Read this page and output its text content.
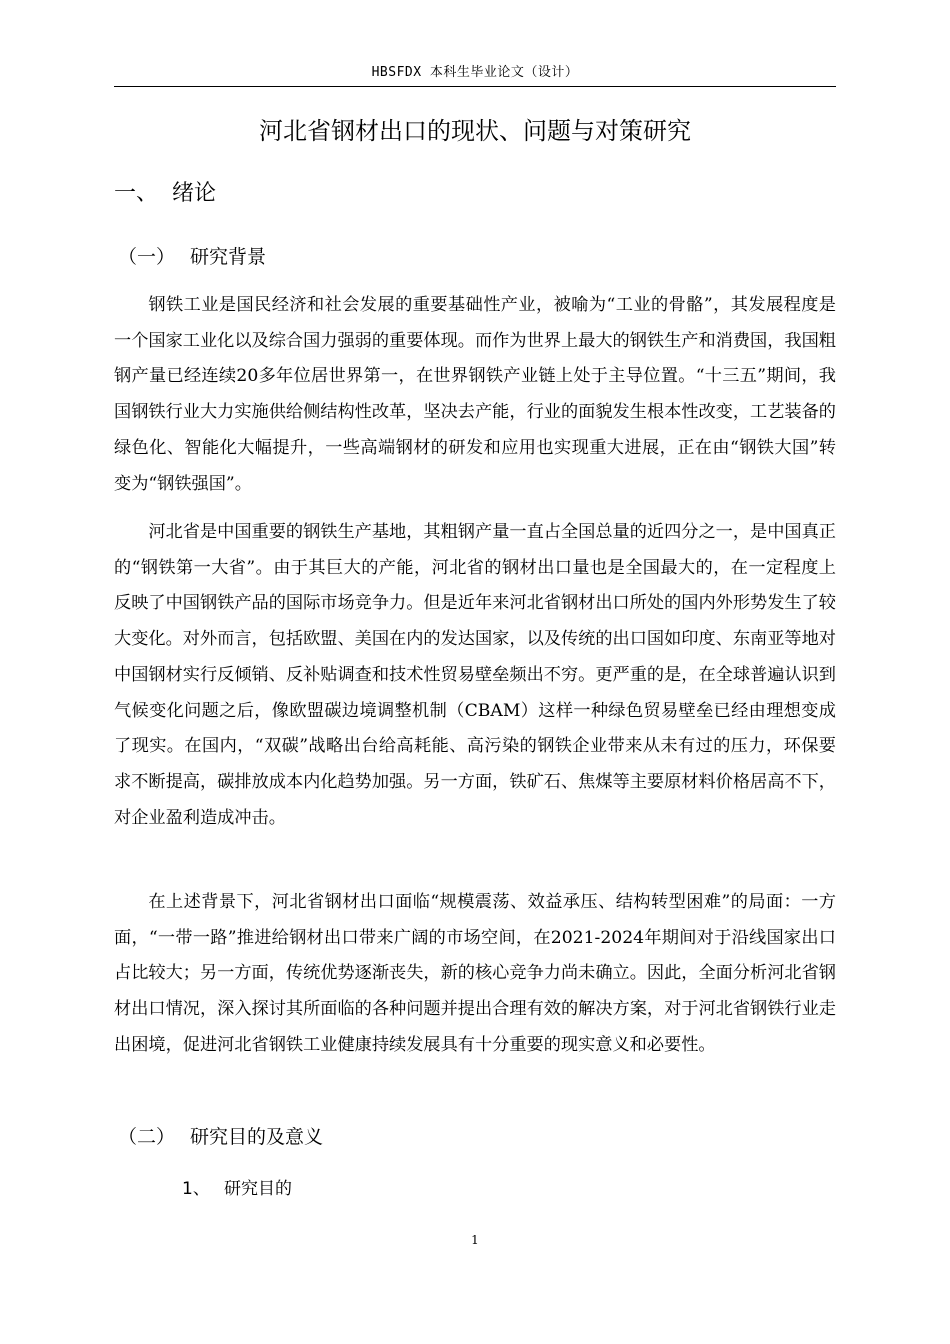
HBSFDX 本科生毕业论文（设计）
河北省钢材出口的现状、问题与对策研究
一、 绪论
（一） 研究背景

钢铁工业是国民经济和社会发展的重要基础性产业，被喻为“工业的骨骼”，其发展程度是一个国家工业化以及综合国力强弱的重要体现。而作为世界上最大的钢铁生产和消费国，我国粗钢产量已经连续20多年位居世界第一，在世界钢铁产业链上处于主导位置。“十三五”期间，我国钢铁行业大力实施供给侧结构性改革，坚决去产能，行业的面貌发生根本性改变，工艺装备的绿色化、智能化大幅提升，一些高端钢材的研发和应用也实现重大进展，正在由“钢铁大国”转变为“钢铁强国”。

河北省是中国重要的钢铁生产基地，其粗钢产量一直占全国总量的近四分之一，是中国真正的“钢铁第一大省”。由于其巨大的产能，河北省的钢材出口量也是全国最大的，在一定程度上反映了中国钢铁产品的国际市场竞争力。但是近年来河北省钢材出口所处的国内外形势发生了较大变化。对外而言，包括欧盟、美国在内的发达国家，以及传统的出口国如印度、东南亚等地对中国钢材实行反倾销、反补贴调查和技术性贸易壁垒频出不穷。更严重的是，在全球普遍认识到气候变化问题之后，像欧盟碳边境调整机制（CBAM）这样一种绿色贸易壁垒已经由理想变成了现实。在国内，“双碳”战略出台给高耗能、高污染的钢铁企业带来从未有过的压力，环保要求不断提高，碳排放成本内化趋势加强。另一方面，铁矿石、焦煤等主要原材料价格居高不下，对企业盈利造成冲击。

在上述背景下，河北省钢材出口面临“规模震荡、效益承压、结构转型困难”的局面：一方面，“一带一路”推进给钢材出口带来广阔的市场空间，在2021-2024年期间对于沿线国家出口占比较大；另一方面，传统优势逐渐丧失，新的核心竞争力尚未确立。因此，全面分析河北省钢材出口情况，深入探讨其所面临的各种问题并提出合理有效的解决方案，对于河北省钢铁行业走出困境，促进河北省钢铁工业健康持续发展具有十分重要的现实意义和必要性。

（二） 研究目的及意义
1、 研究目的
1
